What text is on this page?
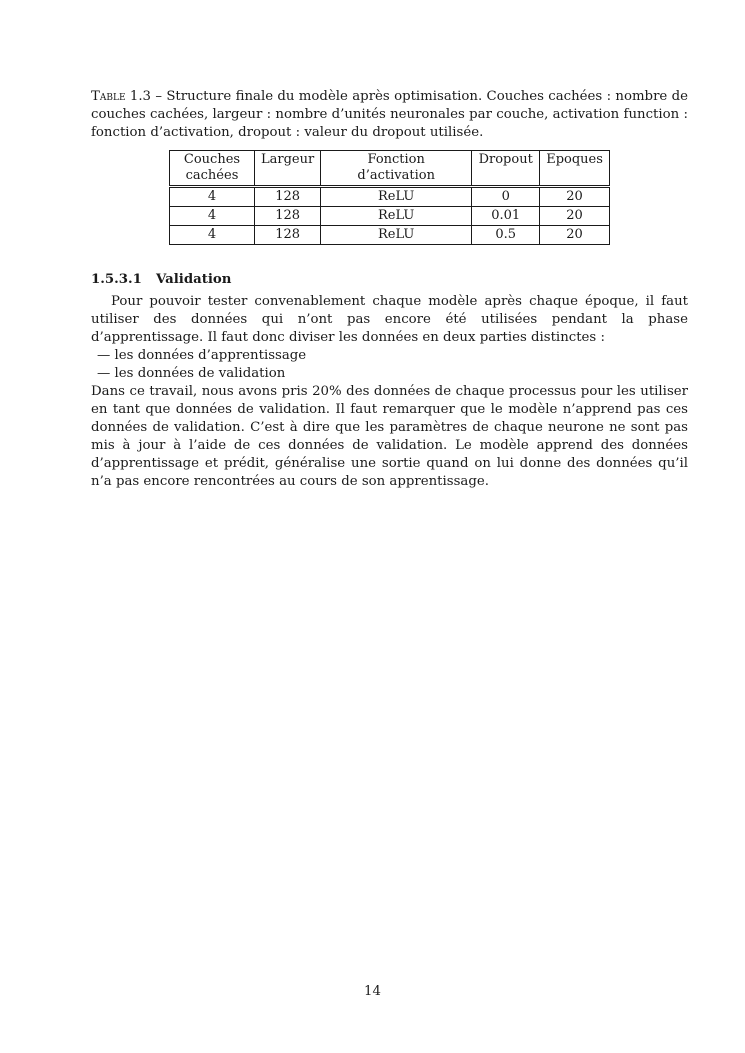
Table 1.3 – Structure finale du modèle après optimisation. Couches cachées : nombre de couches cachées, largeur : nombre d’unités neuronales par couche, activation function : fonction d’activation, dropout : valeur du dropout utilisée.

Couches cachées	Largeur	Fonction d’activation	Dropout	Epoques
4	128	ReLU	0	20
4	128	ReLU	0.01	20
4	128	ReLU	0.5	20
1.5.3.1 Validation

Pour pouvoir tester convenablement chaque modèle après chaque époque, il faut utiliser des données qui n’ont pas encore été utilisées pendant la phase d’apprentissage. Il faut donc diviser les données en deux parties distinctes :

— les données d’apprentissage
— les données de validation

Dans ce travail, nous avons pris 20% des données de chaque processus pour les utiliser en tant que données de validation. Il faut remarquer que le modèle n’apprend pas ces données de validation. C’est à dire que les paramètres de chaque neurone ne sont pas mis à jour à l’aide de ces données de validation. Le modèle apprend des données d’apprentissage et prédit, généralise une sortie quand on lui donne des données qu’il n’a pas encore rencontrées au cours de son apprentissage.

14
